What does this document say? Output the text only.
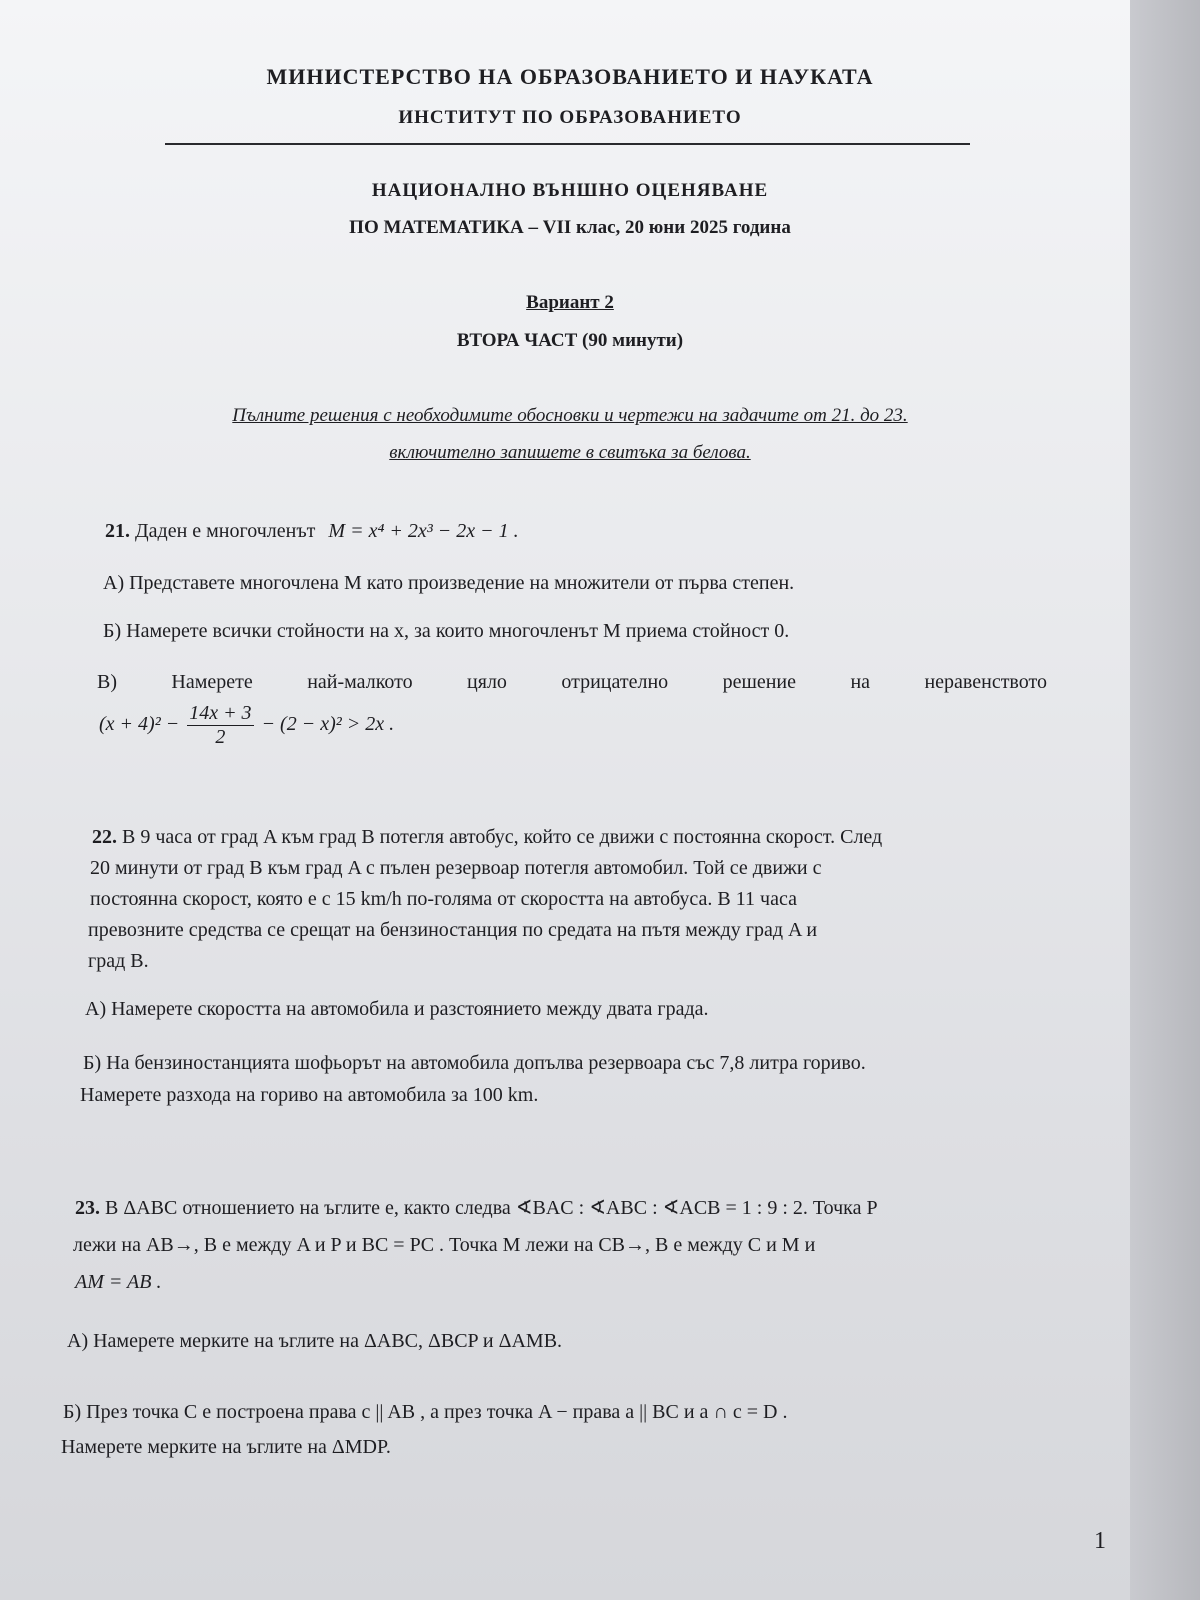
МИНИСТЕРСТВО НА ОБРАЗОВАНИЕТО И НАУКАТА
ИНСТИТУТ ПО ОБРАЗОВАНИЕТО
НАЦИОНАЛНО ВЪНШНО ОЦЕНЯВАНЕ
ПО МАТЕМАТИКА – VII клас, 20 юни 2025 година
Вариант 2
ВТОРА ЧАСТ (90 минути)
Пълните решения с необходимите обосновки и чертежи на задачите от 21. до 23.
включително запишете в свитъка за белова.
21. Даден е многочленът M = x⁴ + 2x³ − 2x − 1 .
А) Представете многочлена M като произведение на множители от първа степен.
Б) Намерете всички стойности на x, за които многочленът M приема стойност 0.
В)	Намерете	най-малкото	цяло	отрицателно	решение	на	неравенството
$(x + 4)^2 - \frac{14x + 3}{2} - (2 - x)^2 > 2x$ .
22. В 9 часа от град A към град B потегля автобус, който се движи с постоянна скорост. След
20 минути от град B към град A с пълен резервоар потегля автомобил. Той се движи с
постоянна скорост, която е с 15 km/h по-голяма от скоростта на автобуса. В 11 часа
превозните средства се срещат на бензиностанция по средата на пътя между град A и
град B.
А) Намерете скоростта на автомобила и разстоянието между двата града.
Б) На бензиностанцията шофьорът на автомобила допълва резервоара със 7,8 литра гориво.
Намерете разхода на гориво на автомобила за 100 km.
23. В ΔABC отношението на ъглите е, както следва ∢BAC : ∢ABC : ∢ACB = 1 : 9 : 2. Точка P
лежи на AB→, B е между A и P и BC = PC . Точка M лежи на CB→, B е между C и M и
AM = AB .
А) Намерете мерките на ъглите на ΔABC, ΔBCP и ΔAMB.
Б) През точка C е построена права c || AB , а през точка A − права a || BC и a ∩ c = D .
Намерете мерките на ъглите на ΔMDP.
1
